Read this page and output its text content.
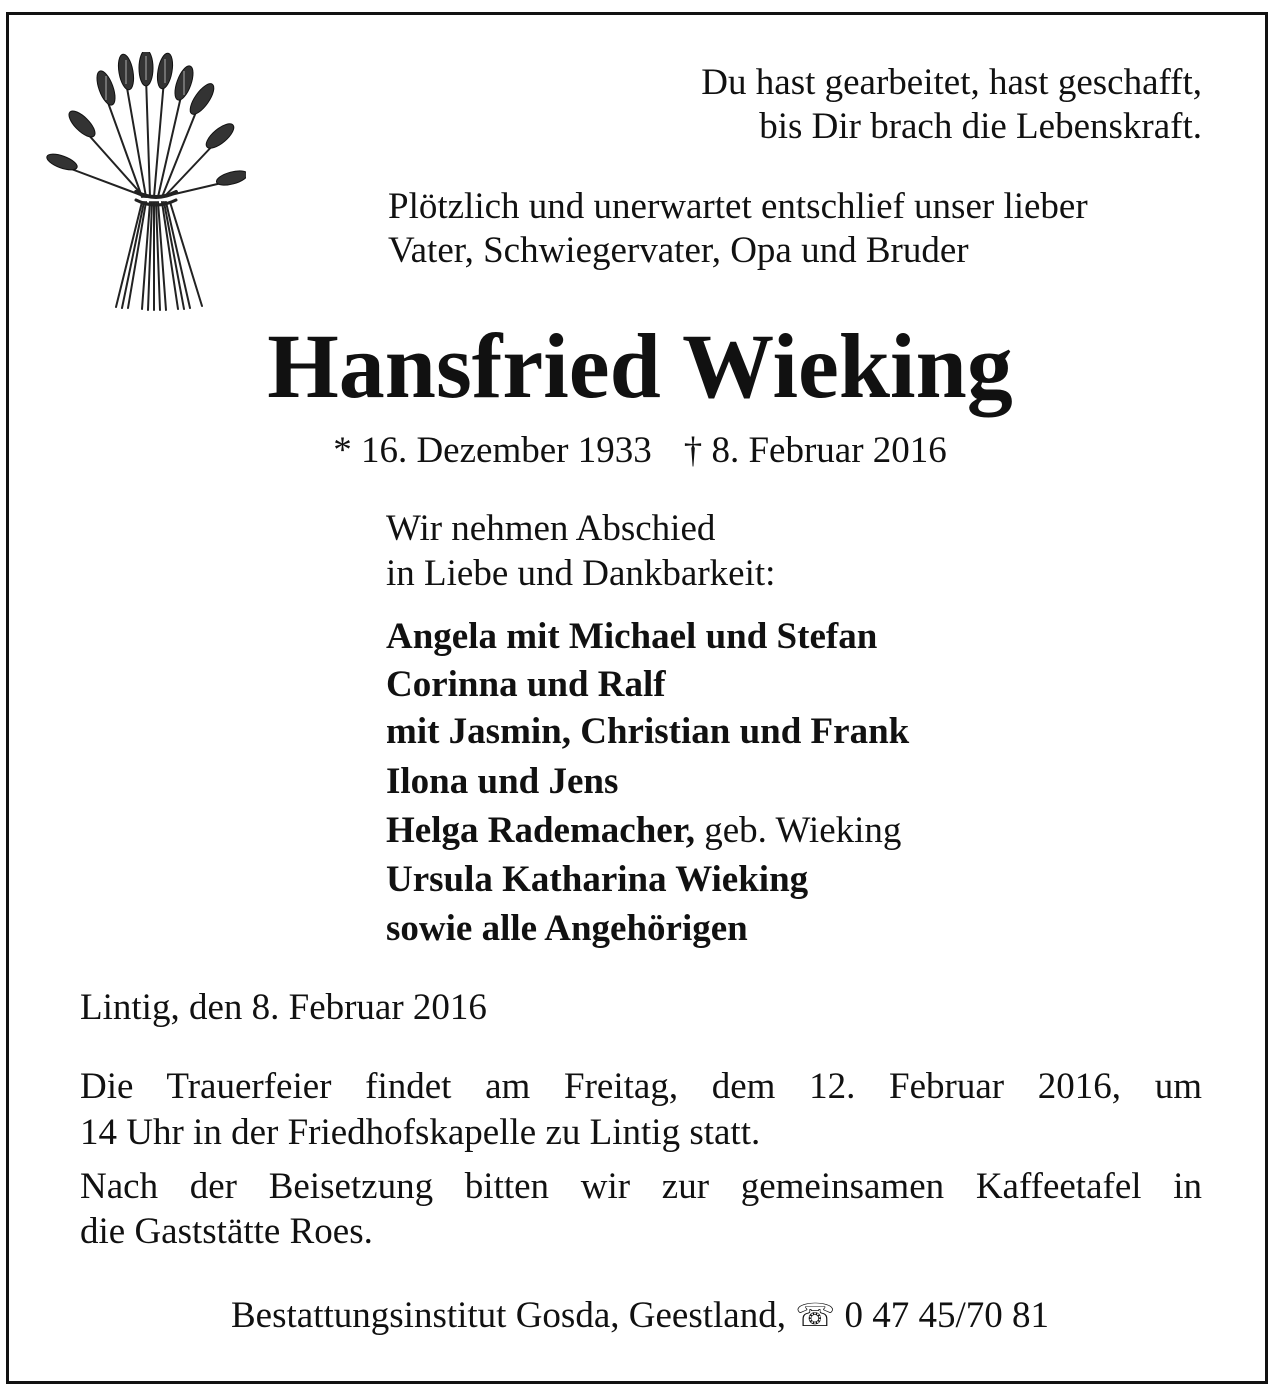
Du hast gearbeitet, hast geschafft,
bis Dir brach die Lebenskraft.
Plötzlich und unerwartet entschlief unser lieber
Vater, Schwiegervater, Opa und Bruder
Hansfried Wieking
* 16. Dezember 1933 † 8. Februar 2016
Wir nehmen Abschied
in Liebe und Dankbarkeit:
Angela mit Michael und Stefan
Corinna und Ralf
mit Jasmin, Christian und Frank
Ilona und Jens
Helga Rademacher, geb. Wieking
Ursula Katharina Wieking
sowie alle Angehörigen
Lintig, den 8. Februar 2016
Die Trauerfeier findet am Freitag, dem 12. Februar 2016, um
14 Uhr in der Friedhofskapelle zu Lintig statt.
Nach der Beisetzung bitten wir zur gemeinsamen Kaffeetafel in
die Gaststätte Roes.
Bestattungsinstitut Gosda, Geestland, ☏ 0 47 45/70 81
